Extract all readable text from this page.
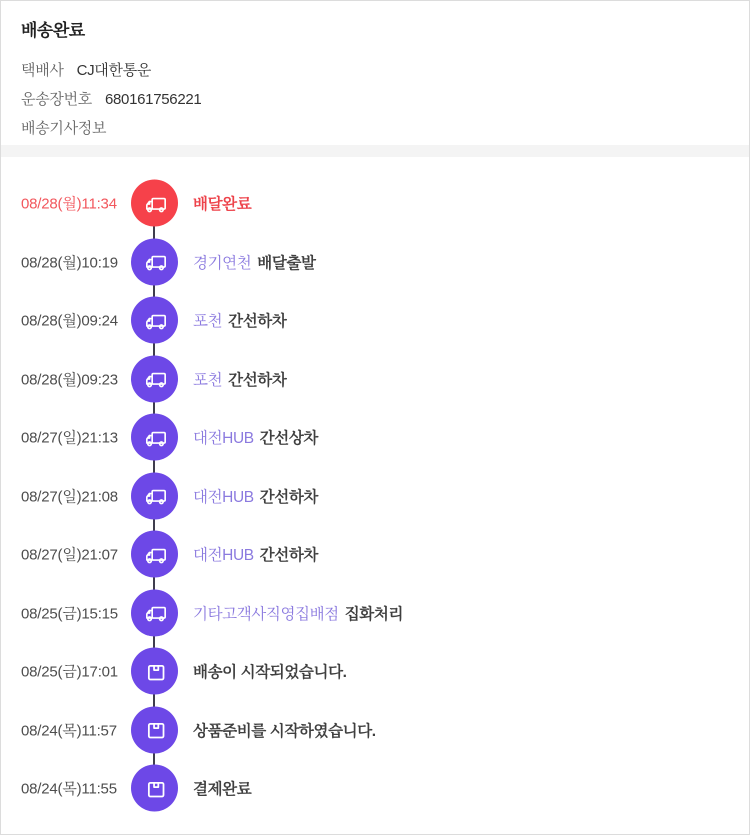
배송완료
택배사 CJ대한통운
운송장번호 680161756221
배송기사정보
08/28(월)11:34	배달완료
08/28(월)10:19	경기연천 배달출발
08/28(월)09:24	포천 간선하차
08/28(월)09:23	포천 간선하차
08/27(일)21:13	대전HUB 간선상차
08/27(일)21:08	대전HUB 간선하차
08/27(일)21:07	대전HUB 간선하차
08/25(금)15:15	기타고객사직영집배점 집화처리
08/25(금)17:01	배송이 시작되었습니다.
08/24(목)11:57	상품준비를 시작하였습니다.
08/24(목)11:55	결제완료
